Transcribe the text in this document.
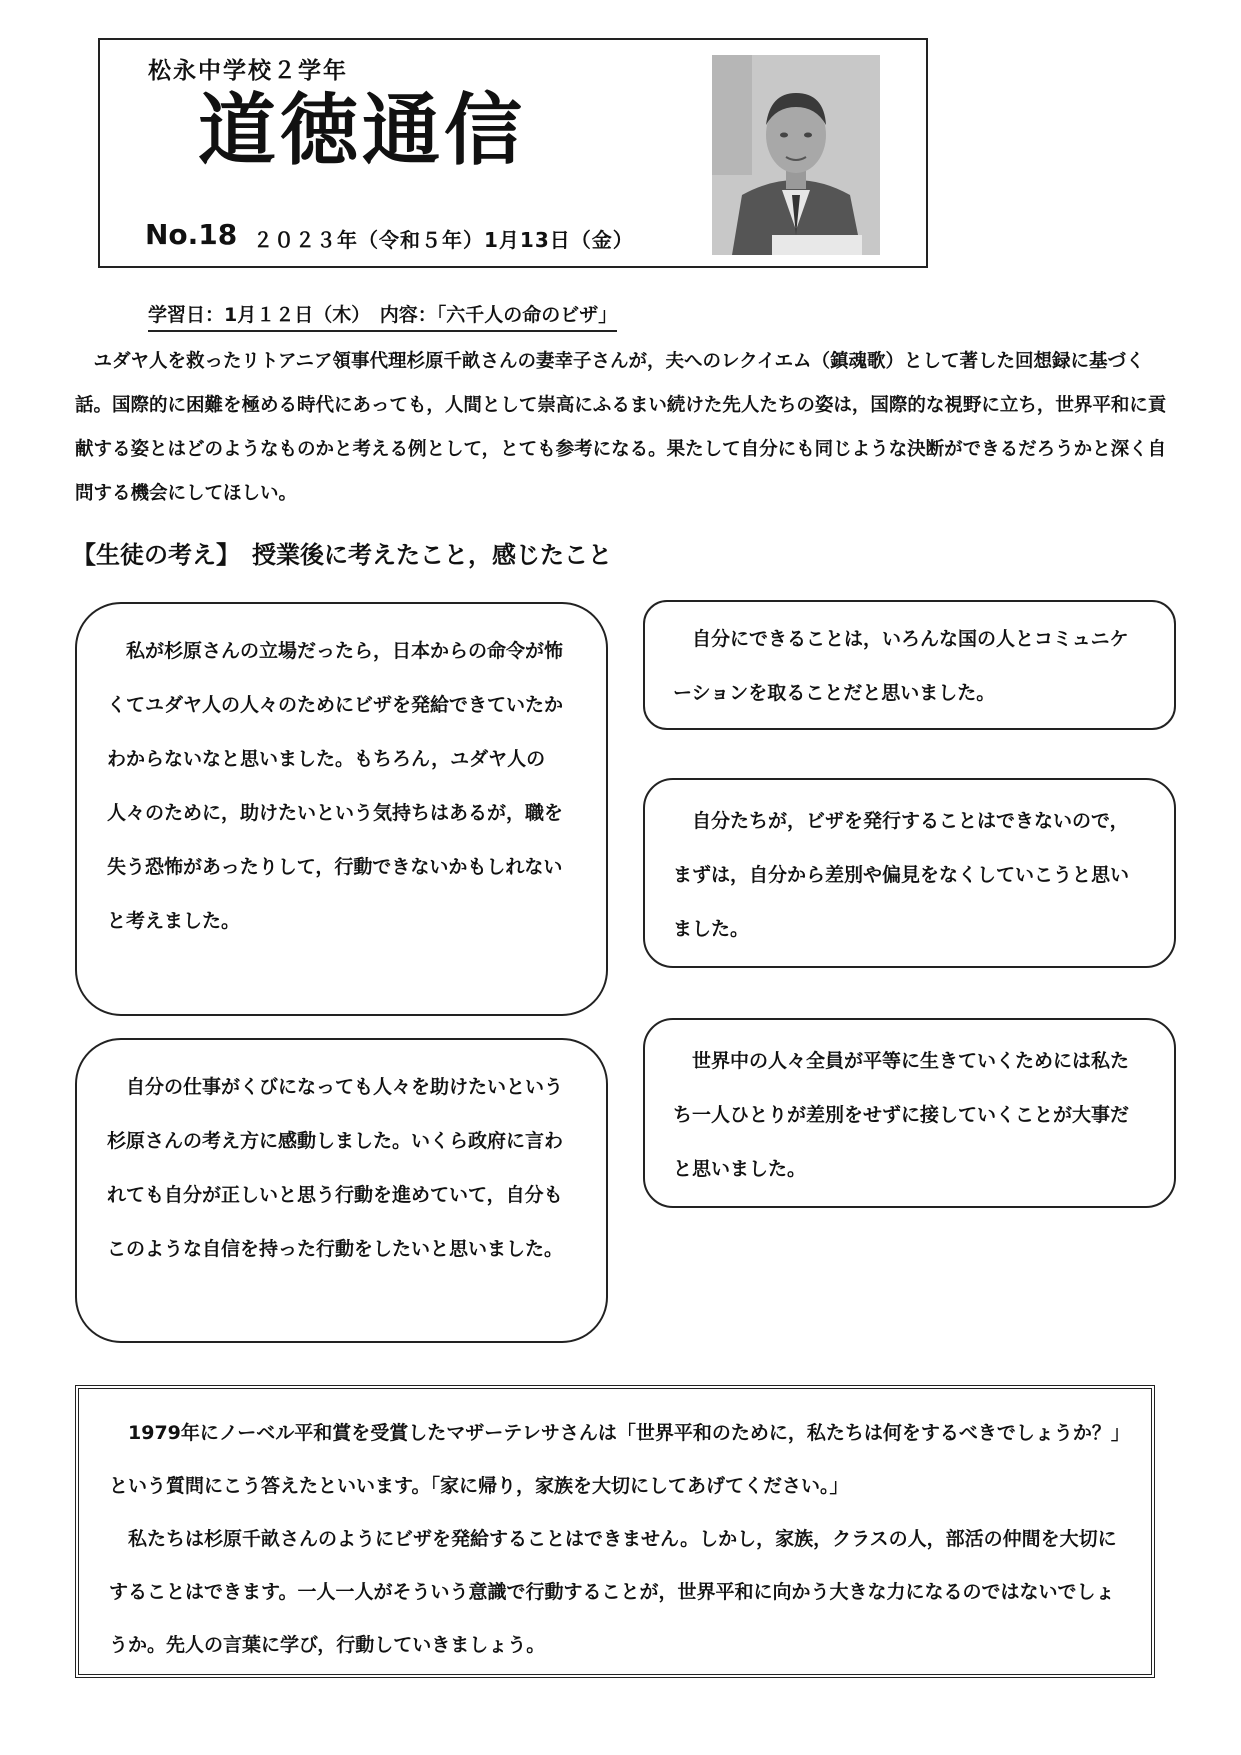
松永中学校２学年
道徳通信
No.18 ２０２３年（令和５年）1月13日（金）
学習日：1月１２日（木）　内容：「六千人の命のビザ」
ユダヤ人を救ったリトアニア領事代理杉原千畝さんの妻幸子さんが，夫へのレクイエム（鎮魂歌）として著した回想録に基づく話。国際的に困難を極める時代にあっても，人間として崇高にふるまい続けた先人たちの姿は，国際的な視野に立ち，世界平和に貢献する姿とはどのようなものかと考える例として，とても参考になる。果たして自分にも同じような決断ができるだろうかと深く自問する機会にしてほしい。
【生徒の考え】　授業後に考えたこと，感じたこと

私が杉原さんの立場だったら，日本からの命令が怖くてユダヤ人の人々のためにビザを発給できていたかわからないなと思いました。もちろん，ユダヤ人の人々のために，助けたいという気持ちはあるが，職を失う恐怖があったりして，行動できないかもしれないと考えました。

自分にできることは，いろんな国の人とコミュニケーションを取ることだと思いました。

自分たちが，ビザを発行することはできないので，まずは，自分から差別や偏見をなくしていこうと思いました。

自分の仕事がくびになっても人々を助けたいという杉原さんの考え方に感動しました。いくら政府に言われても自分が正しいと思う行動を進めていて，自分もこのような自信を持った行動をしたいと思いました。

世界中の人々全員が平等に生きていくためには私たち一人ひとりが差別をせずに接していくことが大事だと思いました。

1979年にノーベル平和賞を受賞したマザーテレサさんは「世界平和のために，私たちは何をするべきでしょうか？」という質問にこう答えたといいます。「家に帰り，家族を大切にしてあげてください。」

私たちは杉原千畝さんのようにビザを発給することはできません。しかし，家族，クラスの人，部活の仲間を大切にすることはできます。一人一人がそういう意識で行動することが，世界平和に向かう大きな力になるのではないでしょうか。先人の言葉に学び，行動していきましょう。
